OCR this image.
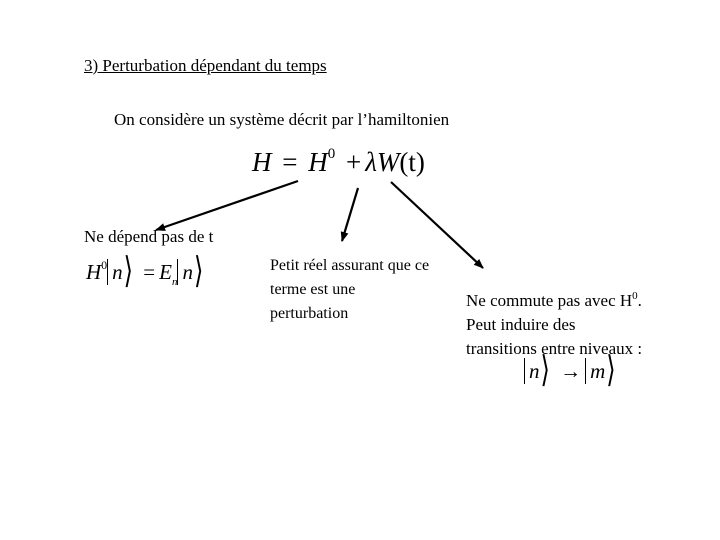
3) Perturbation dépendant du temps
On considère un système décrit par l’hamiltonien
$H = H^0 + \lambda W(t)$
Ne dépend pas de t
$H^0$ n⟩ = $E_n$ n⟩	Petit réel assurant que ce terme est une perturbation
Ne commute pas avec $H^0$.
Peut induire des
transitions entre niveaux :
n⟩ → m⟩
